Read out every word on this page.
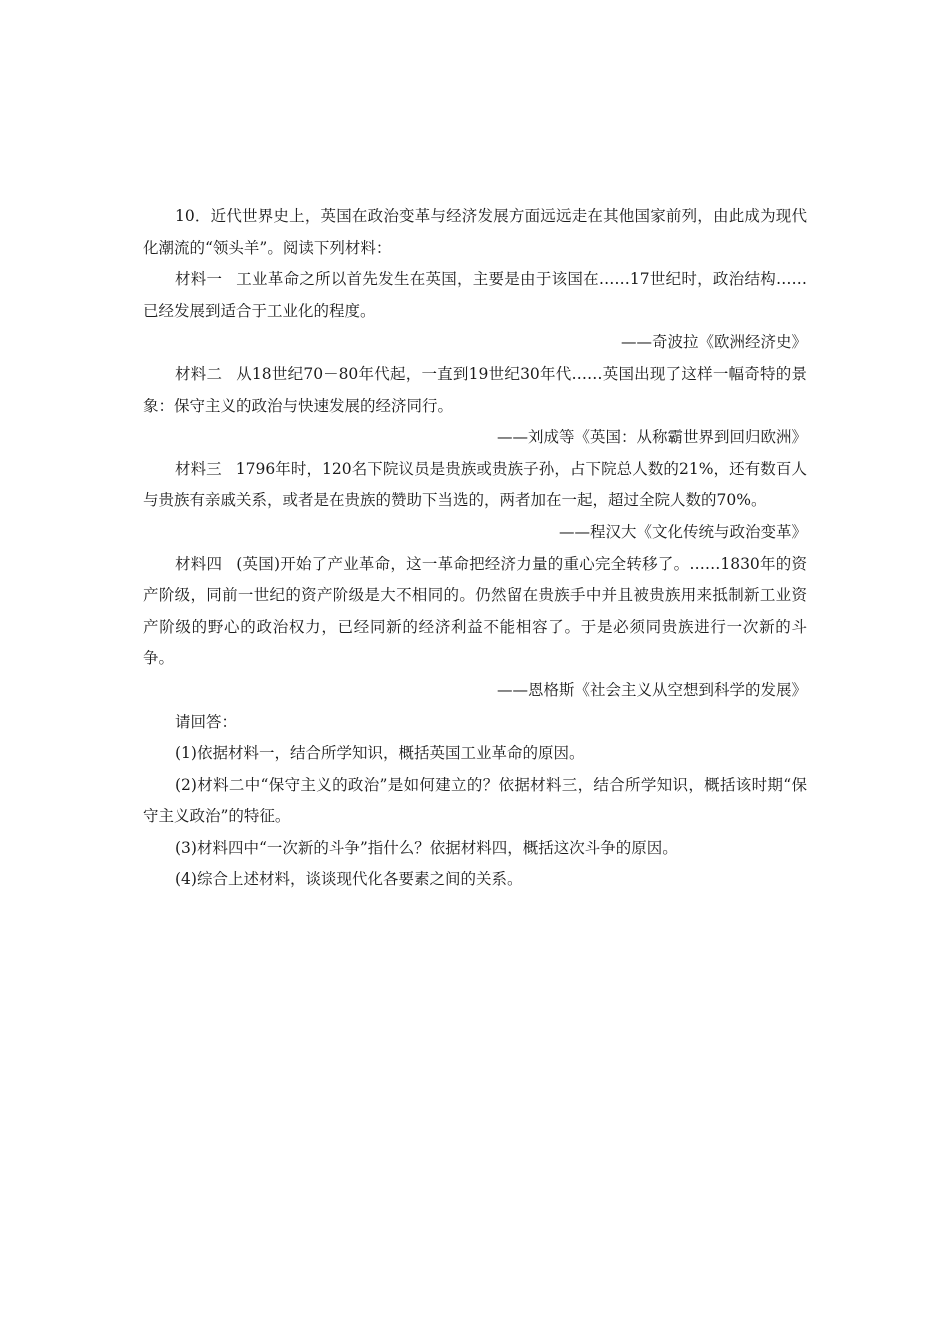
10．近代世界史上，英国在政治变革与经济发展方面远远走在其他国家前列，由此成为现代化潮流的“领头羊”。阅读下列材料：

材料一 工业革命之所以首先发生在英国，主要是由于该国在……17世纪时，政治结构……已经发展到适合于工业化的程度。

——奇波拉《欧洲经济史》

材料二 从18世纪70－80年代起，一直到19世纪30年代……英国出现了这样一幅奇特的景象：保守主义的政治与快速发展的经济同行。

——刘成等《英国：从称霸世界到回归欧洲》

材料三 1796年时，120名下院议员是贵族或贵族子孙，占下院总人数的21%，还有数百人与贵族有亲戚关系，或者是在贵族的赞助下当选的，两者加在一起，超过全院人数的70%。

——程汉大《文化传统与政治变革》

材料四 (英国)开始了产业革命，这一革命把经济力量的重心完全转移了。……1830年的资产阶级，同前一世纪的资产阶级是大不相同的。仍然留在贵族手中并且被贵族用来抵制新工业资产阶级的野心的政治权力，已经同新的经济利益不能相容了。于是必须同贵族进行一次新的斗争。

——恩格斯《社会主义从空想到科学的发展》

请回答：

(1)依据材料一，结合所学知识，概括英国工业革命的原因。

(2)材料二中“保守主义的政治”是如何建立的？依据材料三，结合所学知识，概括该时期“保守主义政治”的特征。

(3)材料四中“一次新的斗争”指什么？依据材料四，概括这次斗争的原因。

(4)综合上述材料，谈谈现代化各要素之间的关系。
